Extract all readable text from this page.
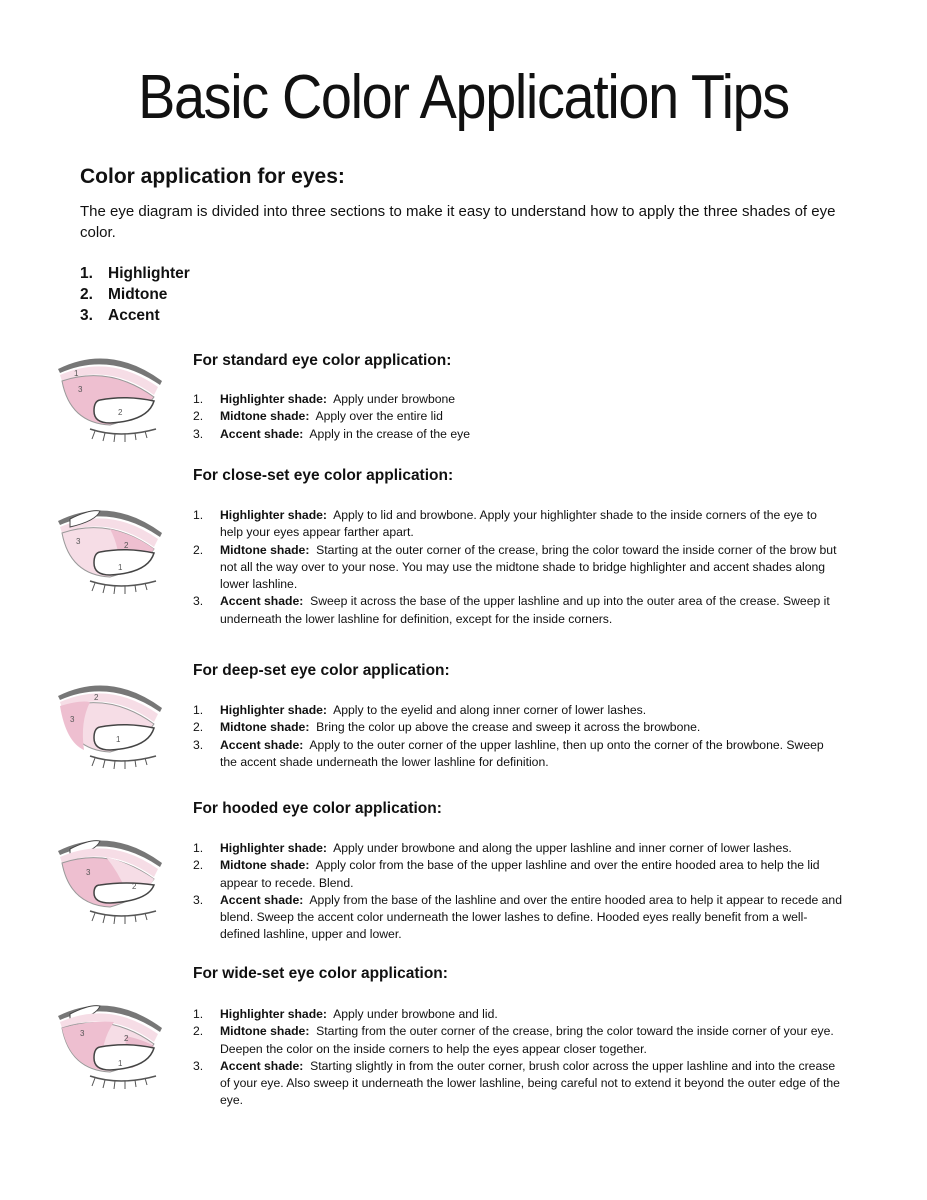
Basic Color Application Tips
Color application for eyes:

The eye diagram is divided into three sections to make it easy to understand how to apply the three shades of eye color.

1. Highlighter
2. Midtone
3. Accent
1
3
2
For standard eye color application:
1.	Highlighter shade: Apply under browbone
2.	Midtone shade: Apply over the entire lid
3.	Accent shade: Apply in the crease of the eye
3	2
1
For close-set eye color application:
1.	Highlighter shade: Apply to lid and browbone. Apply your highlighter shade to the inside corners of the eye to help your eyes appear farther apart.
2.	Midtone shade: Starting at the outer corner of the crease, bring the color toward the inside corner of the brow but not all the way over to your nose. You may use the midtone shade to bridge highlighter and accent shades along lower lashline.
3.	Accent shade: Sweep it across the base of the upper lashline and up into the outer area of the crease. Sweep it underneath the lower lashline for definition, except for the inside corners.
2
3
1
For deep-set eye color application:
1.	Highlighter shade: Apply to the eyelid and along inner corner of lower lashes.
2.	Midtone shade: Bring the color up above the crease and sweep it across the browbone.
3.	Accent shade: Apply to the outer corner of the upper lashline, then up onto the corner of the browbone. Sweep the accent shade underneath the lower lashline for definition.
3
2
For hooded eye color application:
1.	Highlighter shade: Apply under browbone and along the upper lashline and inner corner of lower lashes.
2.	Midtone shade: Apply color from the base of the upper lashline and over the entire hooded area to help the lid appear to recede. Blend.
3.	Accent shade: Apply from the base of the lashline and over the entire hooded area to help it appear to recede and blend. Sweep the accent color underneath the lower lashes to define. Hooded eyes really benefit from a well-defined lashline, upper and lower.
3
2
1
For wide-set eye color application:
1.	Highlighter shade: Apply under browbone and lid.
2.	Midtone shade: Starting from the outer corner of the crease, bring the color toward the inside corner of your eye. Deepen the color on the inside corners to help the eyes appear closer together.
3.	Accent shade: Starting slightly in from the outer corner, brush color across the upper lashline and into the crease of your eye. Also sweep it underneath the lower lashline, being careful not to extend it beyond the outer edge of the eye.
